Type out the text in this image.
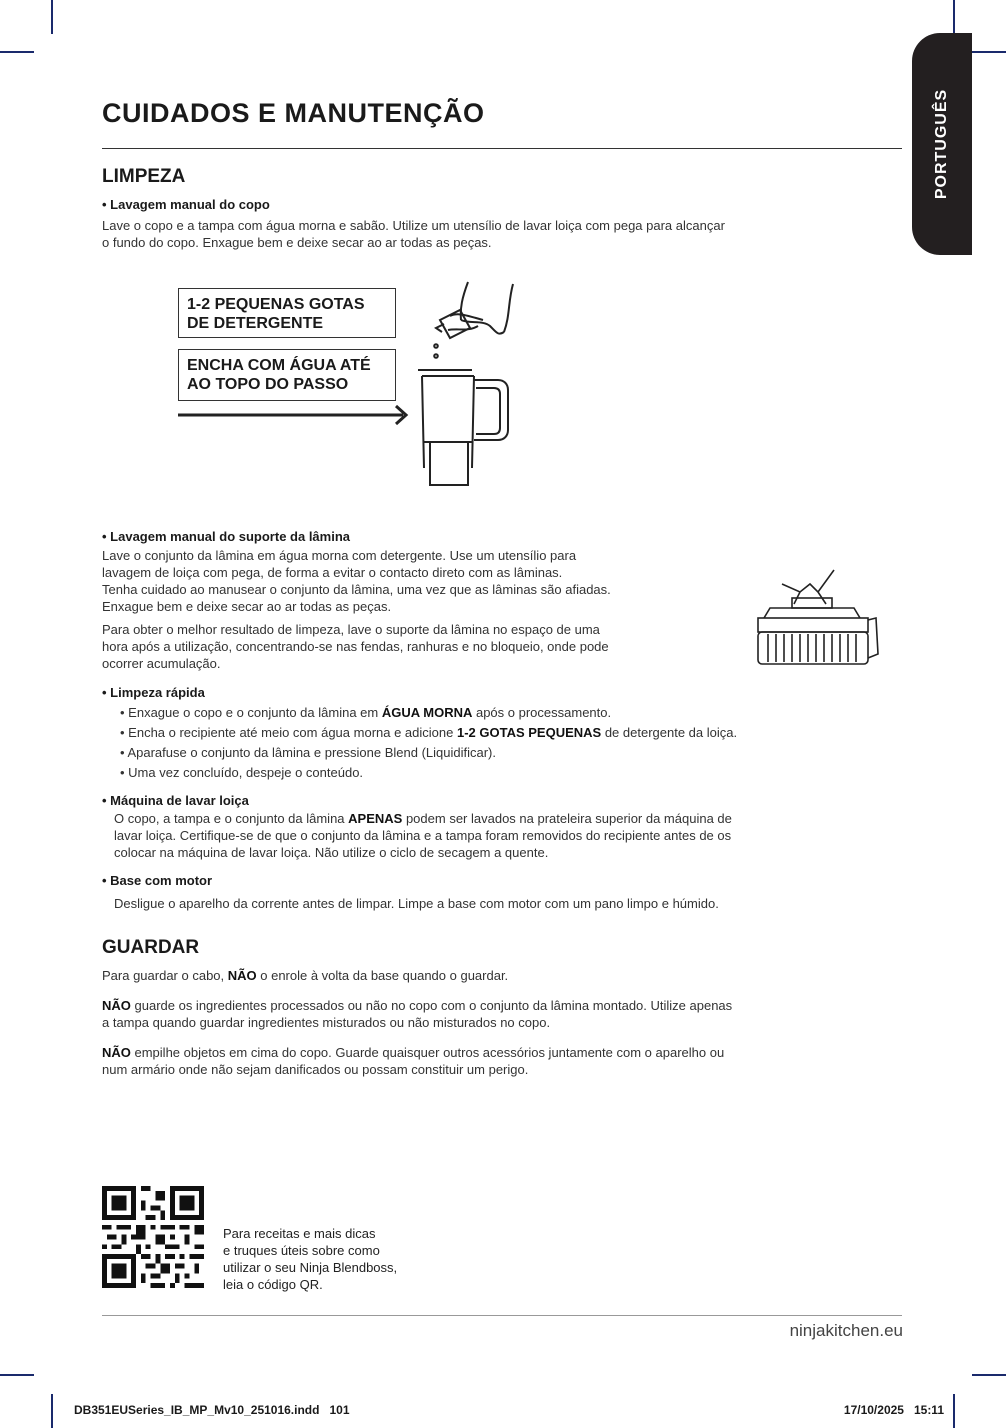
PORTUGUÊS
CUIDADOS E MANUTENÇÃO
LIMPEZA
• Lavagem manual do copo
Lave o copo e a tampa com água morna e sabão. Utilize um utensílio de lavar loiça com pega para alcançar
o fundo do copo. Enxague bem e deixe secar ao ar todas as peças.
1-2 PEQUENAS GOTAS
DE DETERGENTE
ENCHA COM ÁGUA ATÉ
AO TOPO DO PASSO
• Lavagem manual do suporte da lâmina
Lave o conjunto da lâmina em água morna com detergente. Use um utensílio para
lavagem de loiça com pega, de forma a evitar o contacto direto com as lâminas.
Tenha cuidado ao manusear o conjunto da lâmina, uma vez que as lâminas são afiadas.
Enxague bem e deixe secar ao ar todas as peças.
Para obter o melhor resultado de limpeza, lave o suporte da lâmina no espaço de uma
hora após a utilização, concentrando-se nas fendas, ranhuras e no bloqueio, onde pode
ocorrer acumulação.
• Limpeza rápida
• Enxague o copo e o conjunto da lâmina em ÁGUA MORNA após o processamento.
• Encha o recipiente até meio com água morna e adicione 1-2 GOTAS PEQUENAS de detergente da loiça.
• Aparafuse o conjunto da lâmina e pressione Blend (Liquidificar).
• Uma vez concluído, despeje o conteúdo.
• Máquina de lavar loiça
O copo, a tampa e o conjunto da lâmina APENAS podem ser lavados na prateleira superior da máquina de
lavar loiça. Certifique-se de que o conjunto da lâmina e a tampa foram removidos do recipiente antes de os
colocar na máquina de lavar loiça. Não utilize o ciclo de secagem a quente.
• Base com motor
Desligue o aparelho da corrente antes de limpar. Limpe a base com motor com um pano limpo e húmido.
GUARDAR
Para guardar o cabo, NÃO o enrole à volta da base quando o guardar.
NÃO guarde os ingredientes processados ou não no copo com o conjunto da lâmina montado. Utilize apenas
a tampa quando guardar ingredientes misturados ou não misturados no copo.
NÃO empilhe objetos em cima do copo. Guarde quaisquer outros acessórios juntamente com o aparelho ou
num armário onde não sejam danificados ou possam constituir um perigo.
Para receitas e mais dicas
e truques úteis sobre como
utilizar o seu Ninja Blendboss,
leia o código QR.
ninjakitchen.eu
DB351EUSeries_IB_MP_Mv10_251016.indd   101	17/10/2025   15:11
